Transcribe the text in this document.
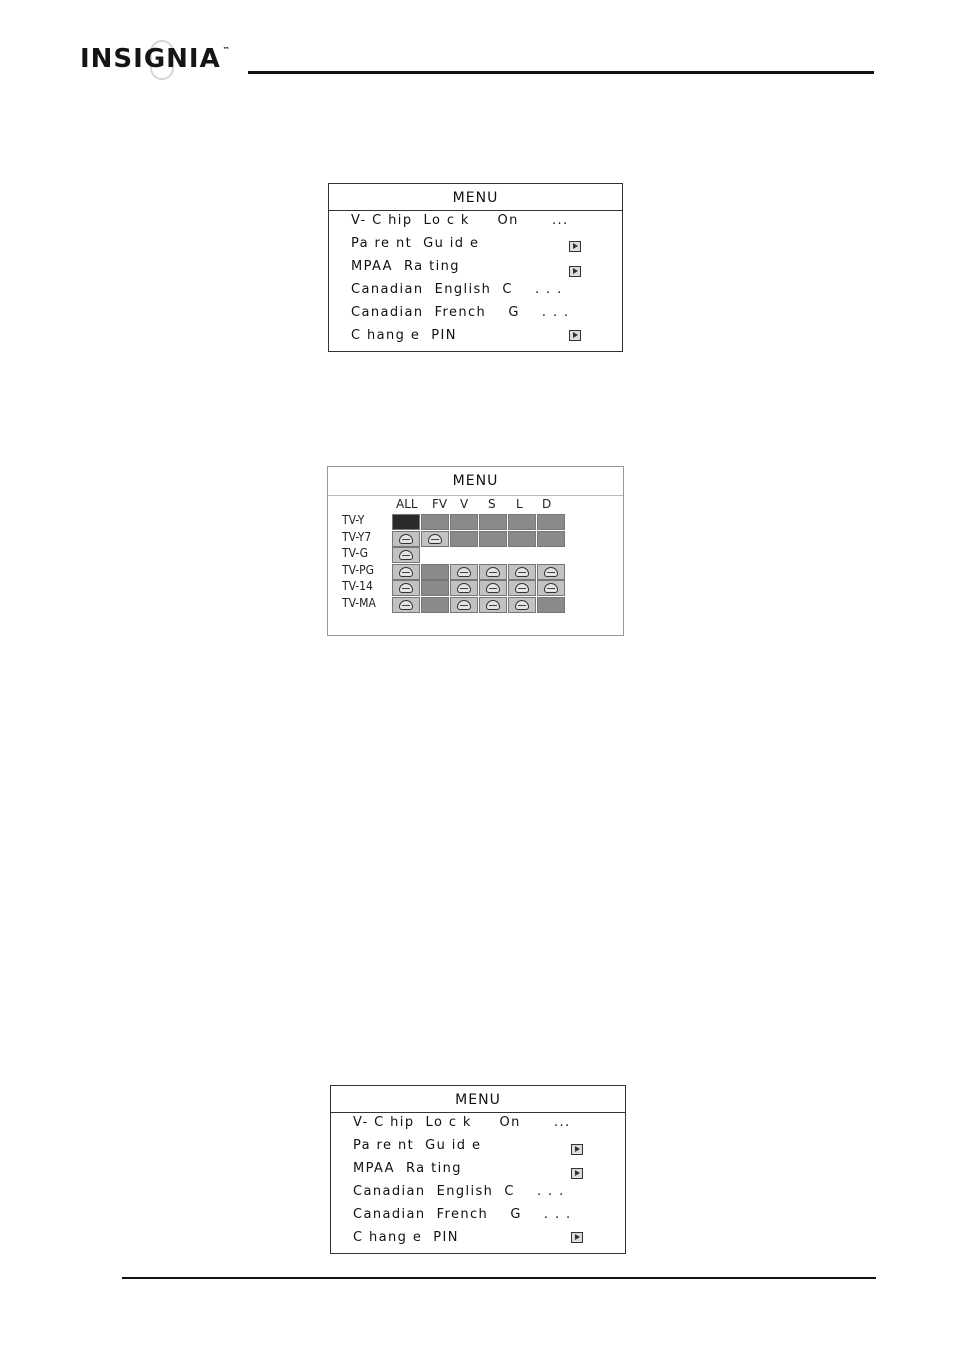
INSIGNIA ™
MENU
V- C hip  Lo c k     On      ...
Pa re nt  Gu id e
MPAA  Ra ting
Canadian  English  C    . . .
Canadian  French    G    . . .
C hang e  PIN
MENU
ALL FV V S L D
TV-Y
TV-Y7
TV-G
TV-PG
TV-14
TV-MA
MENU
V- C hip  Lo c k     On      ...
Pa re nt  Gu id e
MPAA  Ra ting
Canadian  English  C    . . .
Canadian  French    G    . . .
C hang e  PIN
